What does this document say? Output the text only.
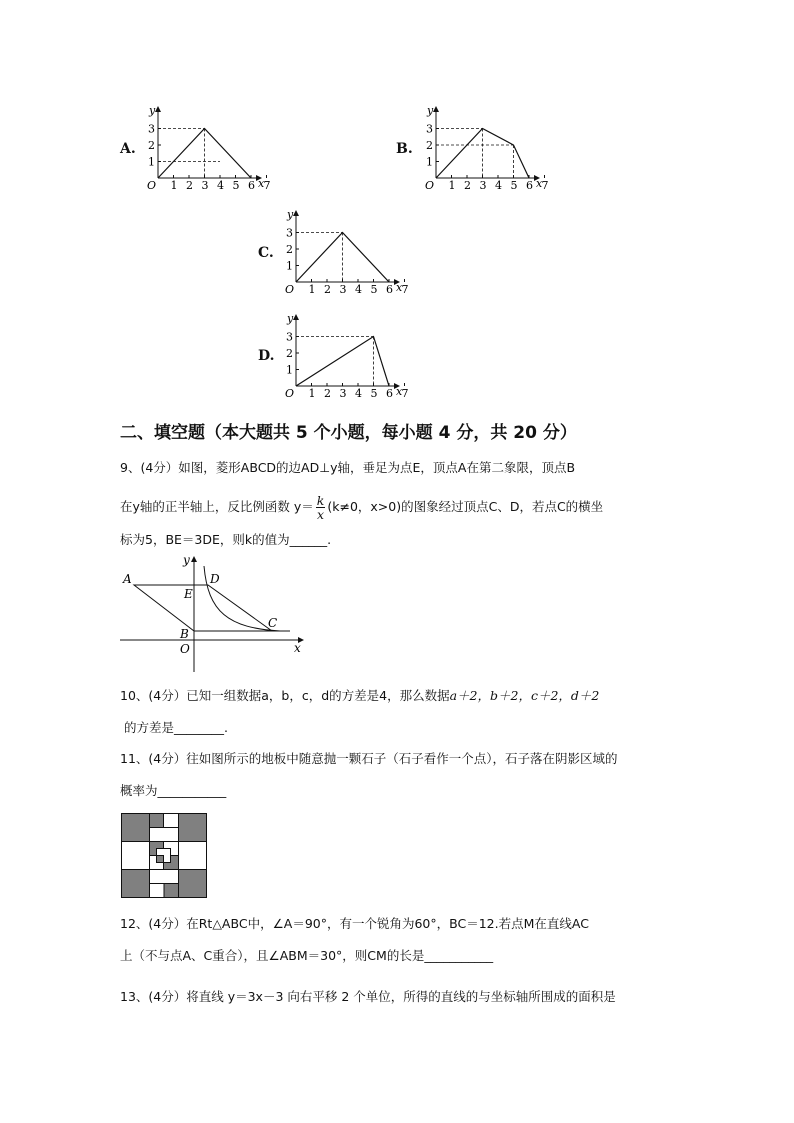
A.
1 2 3 4 5 6 7
1
2
3
O	x
y
B.
1 2 3 4 5 6 7
1
2
3
O	x
y
C.
1 2 3 4 5 6 7
1
2
3
O	x
y
D.
1 2 3 4 5 6 7
1
2
3
O	x
y
二、填空题（本大题共 5 个小题，每小题 4 分，共 20 分）
9、(4分）如图，菱形ABCD的边AD⊥y轴，垂足为点E，顶点A在第二象限，顶点B
在y轴的正半轴上，反比例函数 $y= \frac{k}{x} (k\ne 0$，x>0)的图象经过顶点C、D，若点C的横坐
标为5，BE＝3DE，则k的值为______.
A	D
E
B
C
O	x
y
10、(4分）已知一组数据a，b，c，d的方差是4，那么数据a＋2，b＋2，c＋2，d＋2
的方差是________.
11、(4分）往如图所示的地板中随意抛一颗石子（石子看作一个点），石子落在阴影区域的
概率为___________
12、(4分）在Rt△ABC中，∠A＝90°，有一个锐角为60°，BC＝12.若点M在直线AC
上（不与点A、C重合），且∠ABM＝30°，则CM的长是___________
13、(4分）将直线 y＝3x－3 向右平移 2 个单位，所得的直线的与坐标轴所围成的面积是
